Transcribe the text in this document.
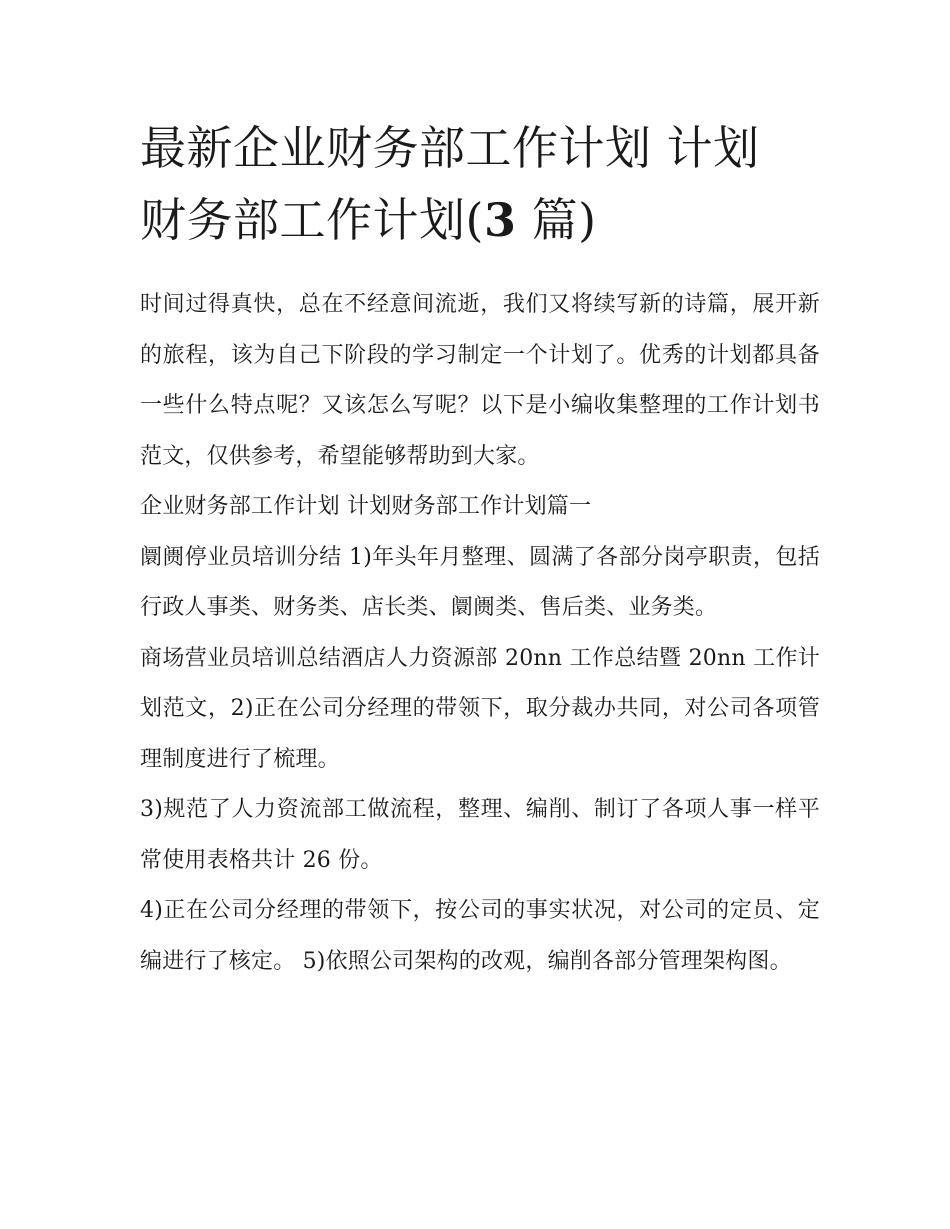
最新企业财务部工作计划 计划
财务部工作计划(3 篇)

时间过得真快，总在不经意间流逝，我们又将续写新的诗篇，展开新的旅程，该为自己下阶段的学习制定一个计划了。优秀的计划都具备一些什么特点呢？又该怎么写呢？以下是小编收集整理的工作计划书范文，仅供参考，希望能够帮助到大家。

企业财务部工作计划 计划财务部工作计划篇一

阛阓停业员培训分结 1)年头年月整理、圆满了各部分岗亭职责，包括行政人事类、财务类、店长类、阛阓类、售后类、业务类。

商场营业员培训总结酒店人力资源部 20nn 工作总结暨 20nn 工作计划范文，2)正在公司分经理的带领下，取分裁办共同，对公司各项管理制度进行了梳理。

3)规范了人力资流部工做流程，整理、编削、制订了各项人事一样平常使用表格共计 26 份。

4)正在公司分经理的带领下，按公司的事实状况，对公司的定员、定编进行了核定。 5)依照公司架构的改观，编削各部分管理架构图。
